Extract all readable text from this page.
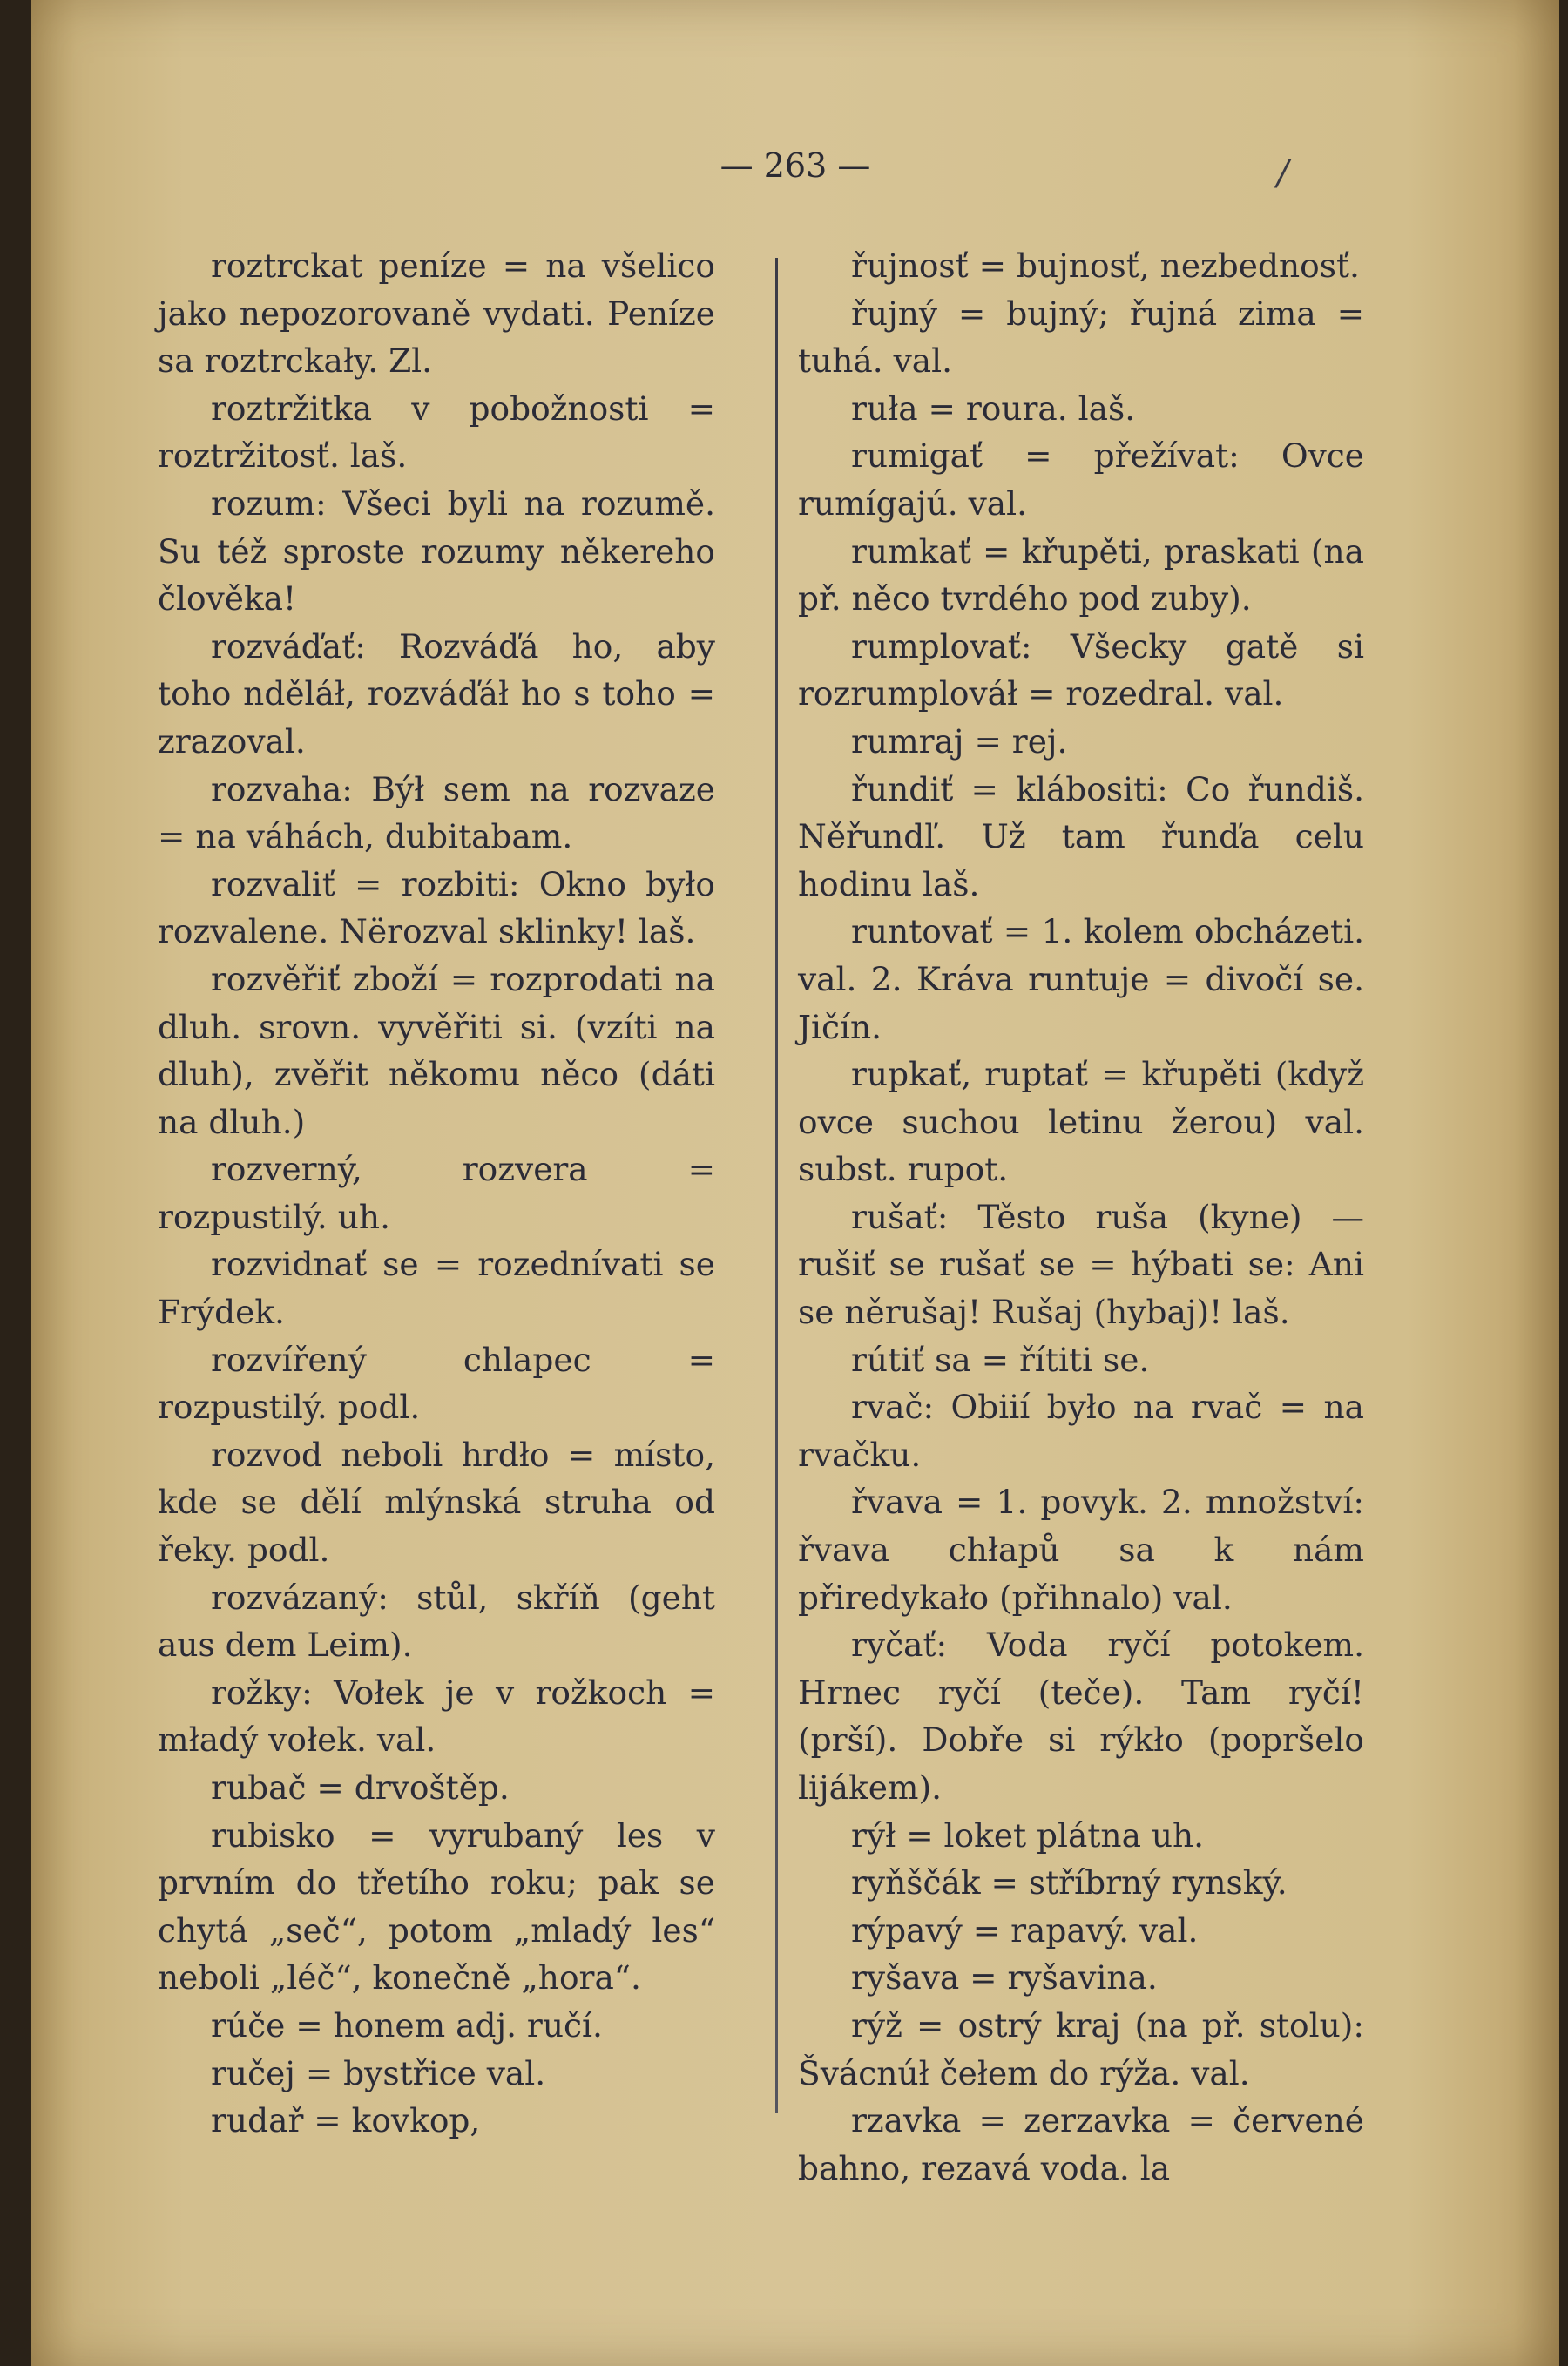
— 263 —	/

roztrckat peníze = na všelico jako nepozorovaně vydati. Peníze sa roztrckały. Zl.

roztržitka v pobožnosti = roztržitosť. laš.

rozum: Všeci byli na rozumě. Su též sproste rozumy někereho člověka!

rozváďať: Rozváďá ho, aby toho nděláł, rozváďáł ho s toho = zrazoval.

rozvaha: Býł sem na rozvaze = na váhách, dubitabam.

rozvaliť = rozbiti: Okno było rozvalene. Nërozval sklinky! laš.

rozvěřiť zboží = rozprodati na dluh. srovn. vyvěřiti si. (vzíti na dluh), zvěřit někomu něco (dáti na dluh.)

rozverný, rozvera = rozpustilý. uh.

rozvidnať se = rozednívati se Frýdek.

rozvířený chlapec = rozpustilý. podl.

rozvod neboli hrdło = místo, kde se dělí mlýnská struha od řeky. podl.

rozvázaný: stůl, skříň (geht aus dem Leim).

rožky: Vołek je v rožkoch = mładý vołek. val.

rubač = drvoštěp.

rubisko = vyrubaný les v prvním do třetího roku; pak se chytá „seč“, potom „mladý les“ neboli „léč“, konečně „hora“.

rúče = honem adj. ručí.

ručej = bystřice val.

rudař = kovkop,

řujnosť = bujnosť, nezbednosť.

řujný = bujný; řujná zima = tuhá. val.

ruła = roura. laš.

rumigať = přežívat: Ovce rumígajú. val.

rumkať = křupěti, praskati (na př. něco tvrdého pod zuby).

rumplovať: Všecky gatě si rozrumplováł = rozedral. val.

rumraj = rej.

řundiť = klábositi: Co řundiš. Něřundľ. Už tam řunďa celu hodinu laš.

runtovať = 1. kolem obcházeti. val. 2. Kráva runtuje = divočí se. Jičín.

rupkať, ruptať = křupěti (když ovce suchou letinu žerou) val. subst. rupot.

rušať: Těsto ruša (kyne) — rušiť se rušať se = hýbati se: Ani se něrušaj! Rušaj (hybaj)! laš.

rútiť sa = řítiti se.

rvač: Obiií było na rvač = na rvačku.

řvava = 1. povyk. 2. množství: řvava chłapů sa k nám přiredykało (přihnalo) val.

ryčať: Voda ryčí potokem. Hrnec ryčí (teče). Tam ryčí! (prší). Dobře si rýkło (popršelo lijákem).

rýł = loket plátna uh.

ryňščák = stříbrný rynský.

rýpavý = rapavý. val.

ryšava = ryšavina.

rýž = ostrý kraj (na př. stolu): Švácnúł čełem do rýža. val.

rzavka = zerzavka = červené bahno, rezavá voda. la
